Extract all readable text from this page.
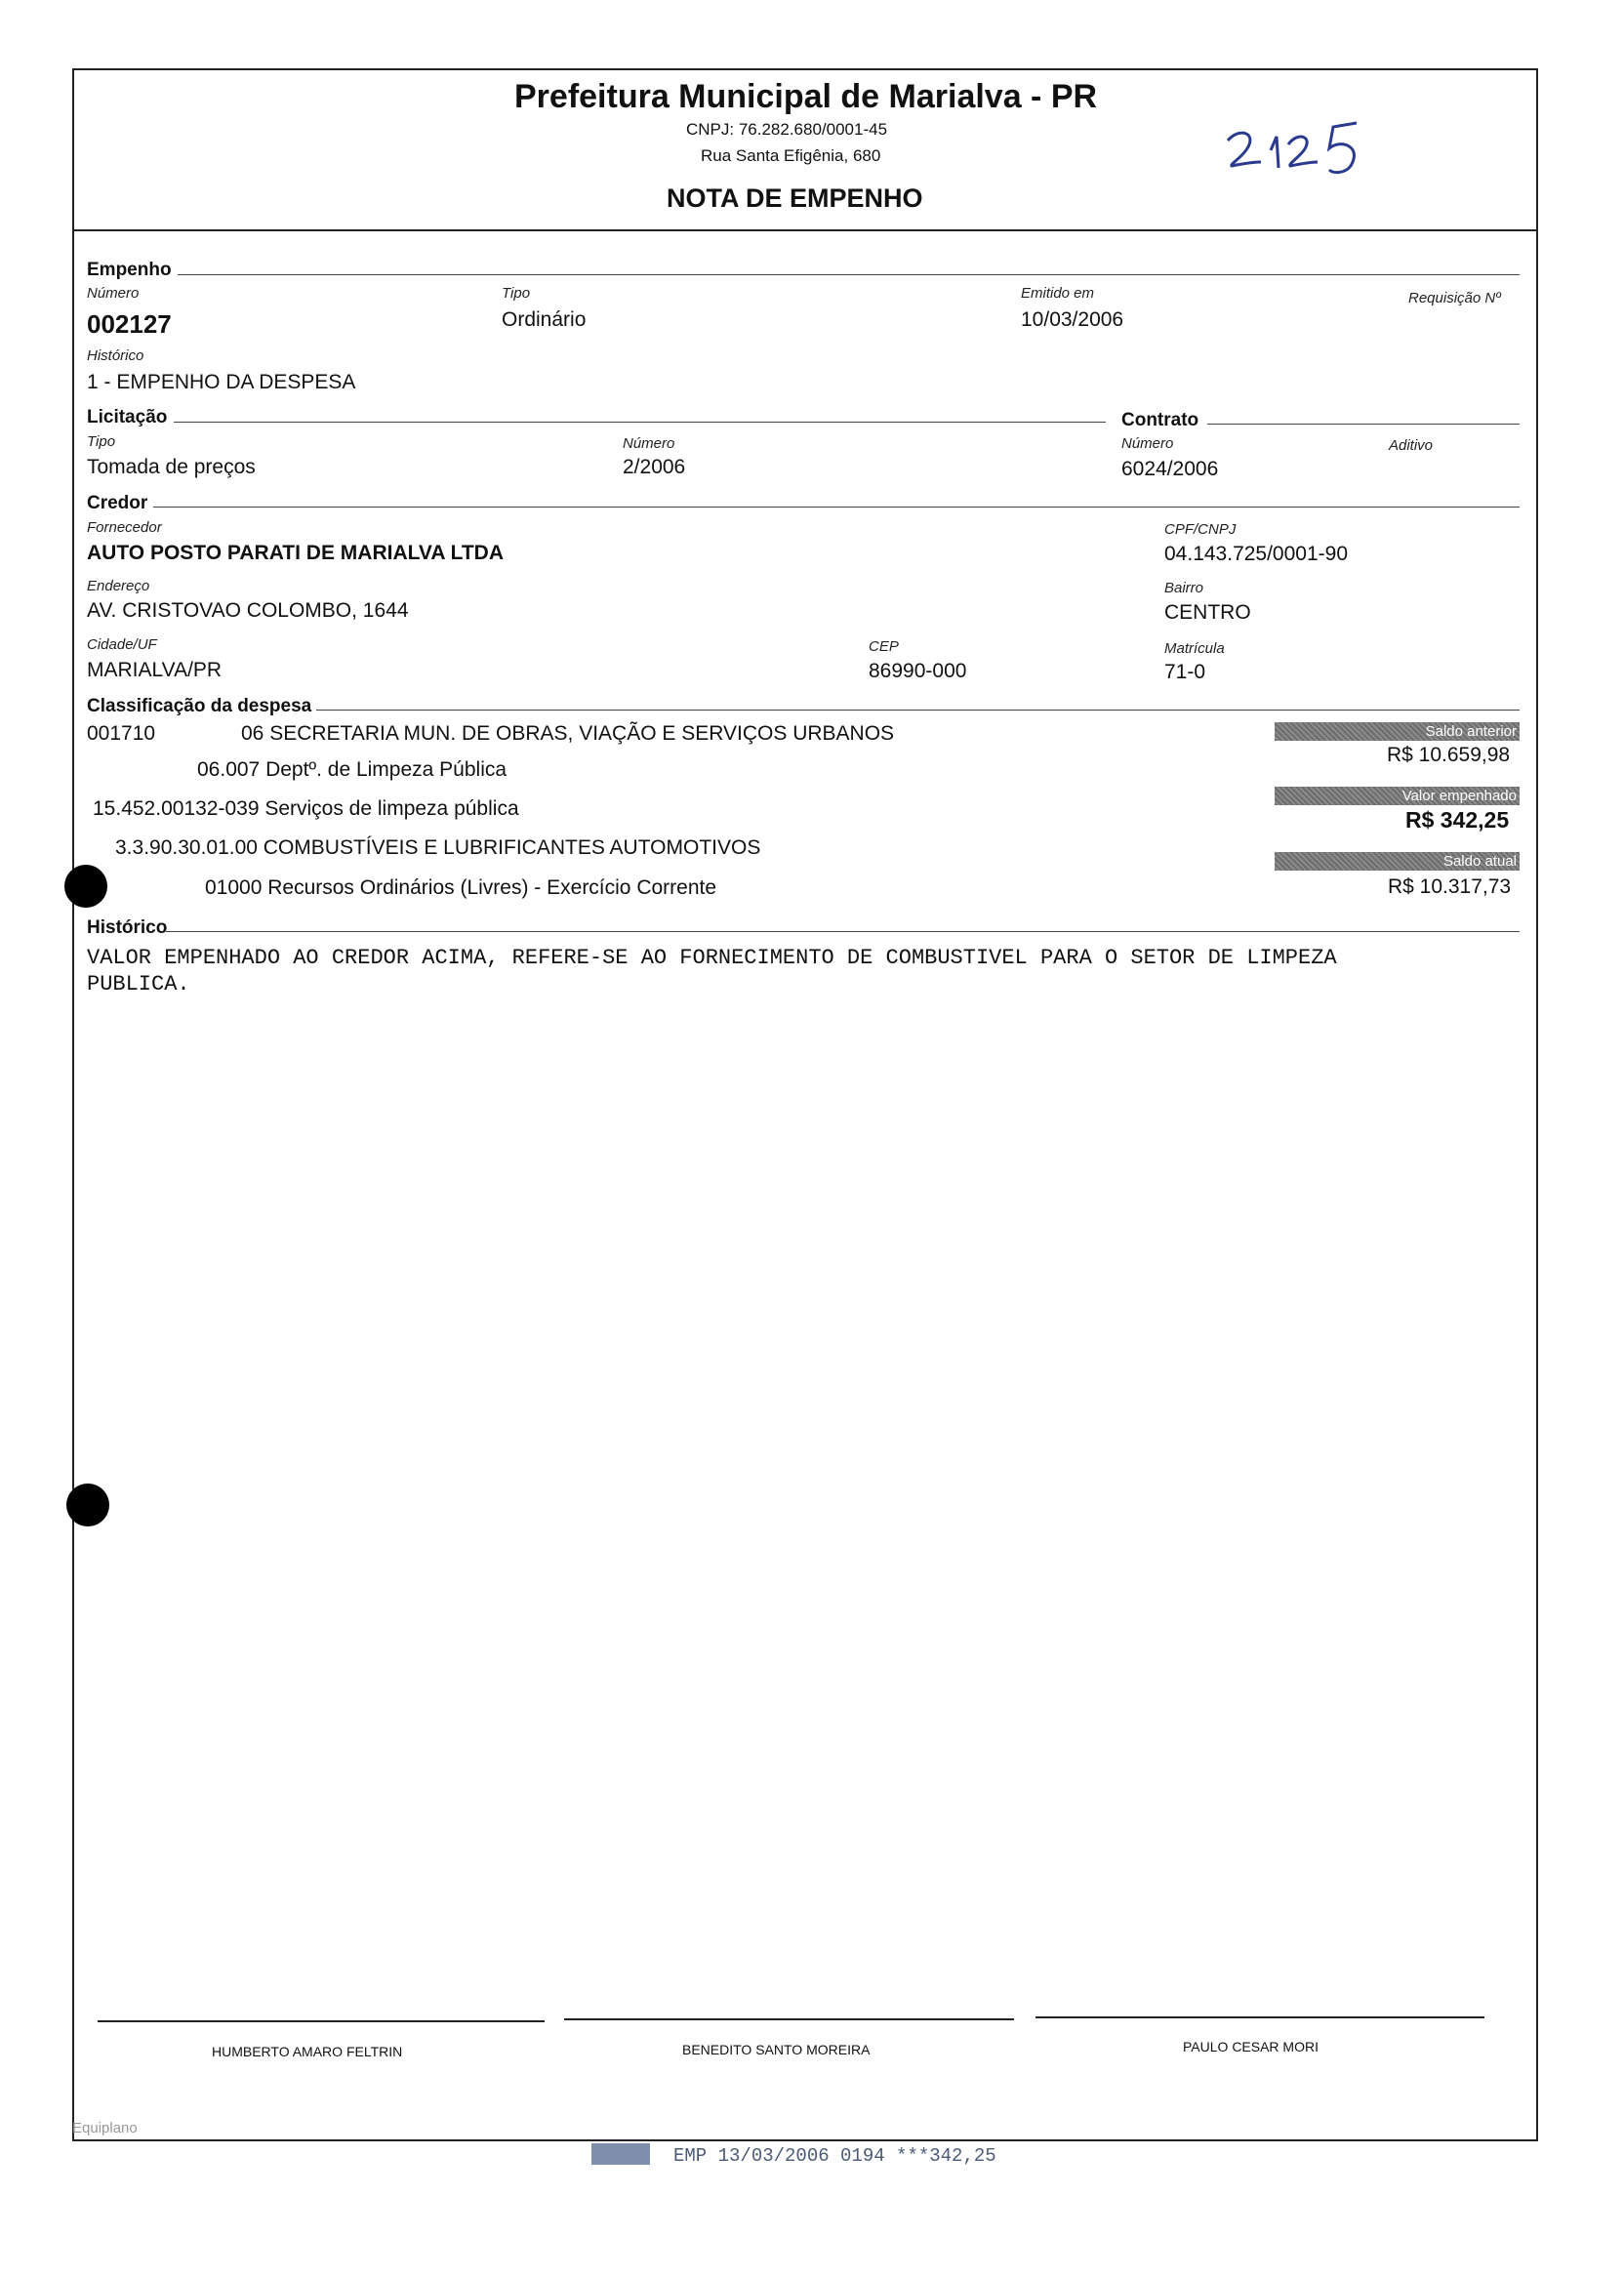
Prefeitura Municipal de Marialva - PR
CNPJ: 76.282.680/0001-45
Rua Santa Efigênia, 680
NOTA DE EMPENHO
Empenho
Número
002127
Tipo
Ordinário
Emitido em
10/03/2006
Requisição Nº
Histórico
1 - EMPENHO DA DESPESA
Licitação	Contrato
Tipo
Tomada de preços
Número
2/2006
Número
6024/2006
Aditivo
Credor
Fornecedor
AUTO POSTO PARATI DE MARIALVA LTDA
CPF/CNPJ
04.143.725/0001-90
Endereço
AV. CRISTOVAO COLOMBO, 1644
Bairro
CENTRO
Cidade/UF
MARIALVA/PR
CEP
86990-000
Matrícula
71-0
Classificação da despesa
001710	06 SECRETARIA MUN. DE OBRAS, VIAÇÃO E SERVIÇOS URBANOS
06.007 Deptº. de Limpeza Pública
15.452.00132-039 Serviços de limpeza pública
3.3.90.30.01.00 COMBUSTÍVEIS E LUBRIFICANTES AUTOMOTIVOS
01000 Recursos Ordinários (Livres) - Exercício Corrente
Saldo anterior
R$ 10.659,98
Valor empenhado
R$ 342,25
Saldo atual
R$ 10.317,73
Histórico
VALOR EMPENHADO AO CREDOR ACIMA, REFERE-SE AO FORNECIMENTO DE COMBUSTIVEL PARA O SETOR DE LIMPEZA
PUBLICA.
HUMBERTO AMARO FELTRIN	BENEDITO SANTO MOREIRA	PAULO CESAR MORI
Equiplano
EMP 13/03/2006 0194 ***342,25
